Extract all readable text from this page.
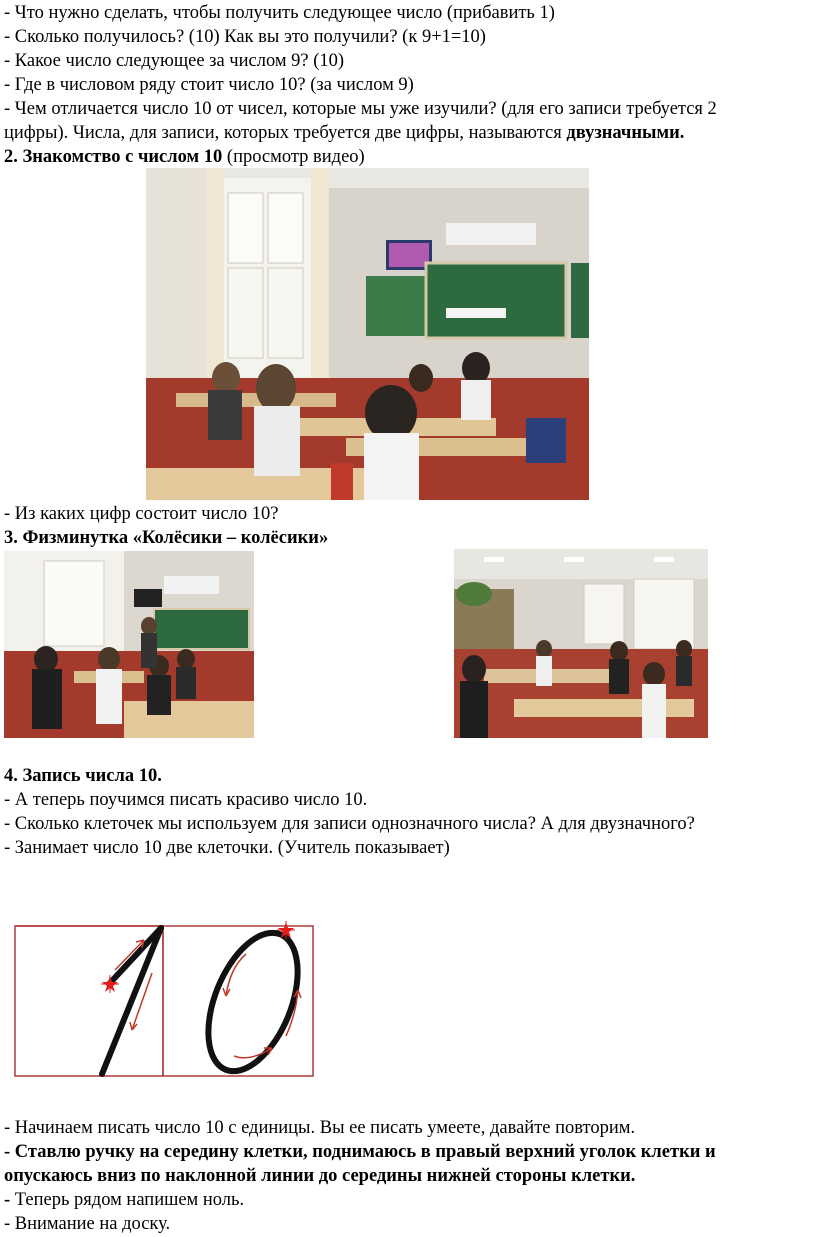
- Что нужно сделать, чтобы получить следующее число (прибавить 1)
- Сколько получилось? (10) Как вы это получили? (к 9+1=10)
- Какое число следующее за числом 9? (10)
- Где в числовом ряду стоит число 10? (за числом 9)
- Чем отличается число 10 от чисел, которые мы уже изучили? (для его записи требуется 2
цифры). Числа, для записи, которых требуется две цифры, называются двузначными.
2. Знакомство с числом 10 (просмотр видео)
- Из каких цифр состоит число 10?
3. Физминутка «Колёсики – колёсики»
4. Запись числа 10.
- А теперь поучимся писать красиво число 10.
- Сколько клеточек мы используем для записи однозначного числа? А для двузначного?
- Занимает число 10 две клеточки. (Учитель показывает)
- Начинаем писать число 10 с единицы. Вы ее писать умеете, давайте повторим.
- Ставлю ручку на середину клетки, поднимаюсь в правый верхний уголок клетки и
опускаюсь вниз по наклонной линии до середины нижней стороны клетки.
- Теперь рядом напишем ноль.
- Внимание на доску.
